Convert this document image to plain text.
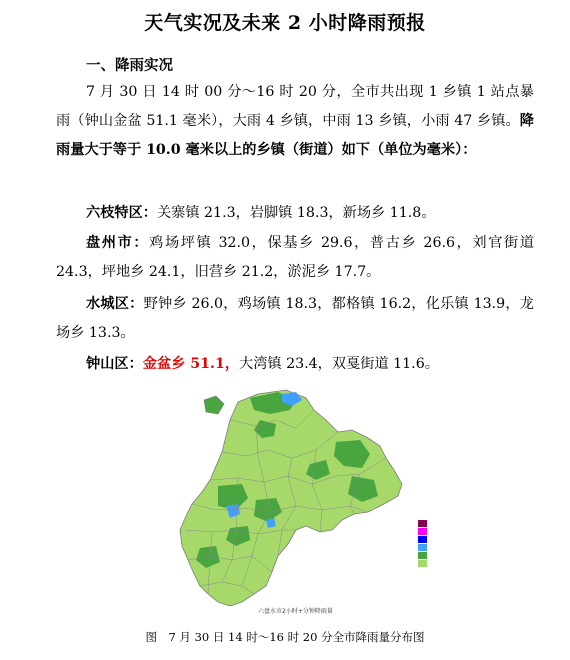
天气实况及未来 2 小时降雨预报
一、降雨实况
7 月 30 日 14 时 00 分～16 时 20 分，全市共出现 1 乡镇 1 站点暴雨（钟山金盆 51.1 毫米），大雨 4 乡镇，中雨 13 乡镇，小雨 47 乡镇。降雨量大于等于 10.0 毫米以上的乡镇（街道）如下（单位为毫米）：
六枝特区：关寨镇 21.3，岩脚镇 18.3，新场乡 11.8。
盘州市：鸡场坪镇 32.0，保基乡 29.6，普古乡 26.6，刘官街道 24.3，坪地乡 24.1，旧营乡 21.2，淤泥乡 17.7。
水城区：野钟乡 26.0，鸡场镇 18.3，都格镇 16.2，化乐镇 13.9，龙场乡 13.3。
钟山区：金盆乡 51.1，大湾镇 23.4，双戛街道 11.6。
六盘水市2小时+分钟降雨量
图　7 月 30 日 14 时～16 时 20 分全市降雨量分布图
